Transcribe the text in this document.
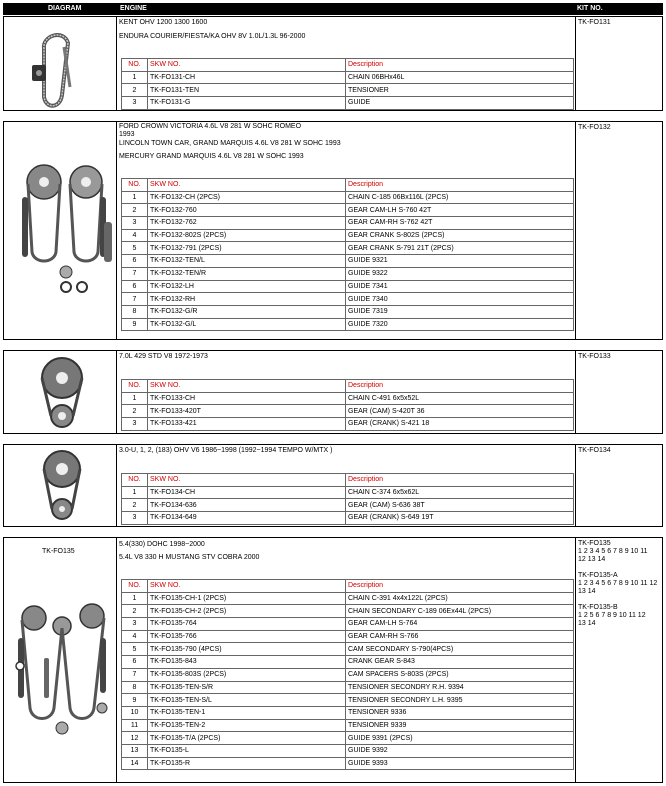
DIAGRAM	ENGINE	KIT NO.
KENT OHV 1200 1300 1600
ENDURA COURIER/FIESTA/KA OHV 8V 1.0L/1.3L 96-2000
NO.	SKW NO.	Description
1	TK-FO131-CH	CHAIN 06BHx46L
2	TK-FO131-TEN	TENSIONER
3	TK-FO131-G	GUIDE
TK-FO131
FORD CROWN VICTORIA 4.6L V8 281 W SOHC ROMEO
1993
LINCOLN TOWN CAR, GRAND MARQUIS 4.6L V8 281 W SOHC 1993
MERCURY GRAND MARQUIS 4.6L V8 281 W SOHC 1993
NO.	SKW NO.	Description
1	TK-FO132-CH (2PCS)	CHAIN C-185 06Bx116L (2PCS)
2	TK-FO132-760	GEAR CAM-LH S-760 42T
3	TK-FO132-762	GEAR CAM-RH S-762 42T
4	TK-FO132-802S (2PCS)	GEAR CRANK S-802S (2PCS)
5	TK-FO132-791 (2PCS)	GEAR CRANK S-791 21T (2PCS)
6	TK-FO132-TEN/L	GUIDE 9321
7	TK-FO132-TEN/R	GUIDE 9322
6	TK-FO132-LH	GUIDE 7341
7	TK-FO132-RH	GUIDE 7340
8	TK-FO132-G/R	GUIDE 7319
9	TK-FO132-G/L	GUIDE 7320
TK-FO132
7.0L 429 STD V8 1972-1973
NO.	SKW NO.	Description
1	TK-FO133-CH	CHAIN C-491 6x5x52L
2	TK-FO133-420T	GEAR (CAM) S-420T 36
3	TK-FO133-421	GEAR (CRANK) S-421 18
TK-FO133
3.0-U, 1, 2, (183) OHV V6 1986~1998 (1992~1994 TEMPO W/MTX )
NO.	SKW NO.	Description
1	TK-FO134-CH	CHAIN C-374 6x5x62L
2	TK-FO134-636	GEAR (CAM) S-636 38T
3	TK-FO134-649	GEAR (CRANK) S-649 19T
TK-FO134
TK-FO135
5.4(330) DOHC 1998~2000
5.4L V8 330 H MUSTANG STV COBRA 2000
NO.	SKW NO.	Description
1	TK-FO135-CH-1 (2PCS)	CHAIN C-391 4x4x122L (2PCS)
2	TK-FO135-CH-2 (2PCS)	CHAIN SECONDARY C-189 06Ex44L (2PCS)
3	TK-FO135-764	GEAR CAM-LH S-764
4	TK-FO135-766	GEAR CAM-RH S-766
5	TK-FO135-790 (4PCS)	CAM SECONDARY S-790(4PCS)
6	TK-FO135-843	CRANK GEAR S-843
7	TK-FO135-803S (2PCS)	CAM SPACERS S-803S (2PCS)
8	TK-FO135-TEN-S/R	TENSIONER SECONDRY R.H. 9394
9	TK-FO135-TEN-S/L	TENSIONER SECONDRY L.H. 9395
10	TK-FO135-TEN-1	TENSIONER 9336
11	TK-FO135-TEN-2	TENSIONER 9339
12	TK-FO135-T/A (2PCS)	GUIDE 9391 (2PCS)
13	TK-FO135-L	GUIDE 9392
14	TK-FO135-R	GUIDE 9393
TK-FO135
1 2 3 4 5 6 7 8 9 10 11
12 13 14

TK-FO135-A
1 2 3 4 5 6 7 8 9 10 11 12
13 14

TK-FO135-B
1 2 5 6 7 8 9 10 11 12
13 14
